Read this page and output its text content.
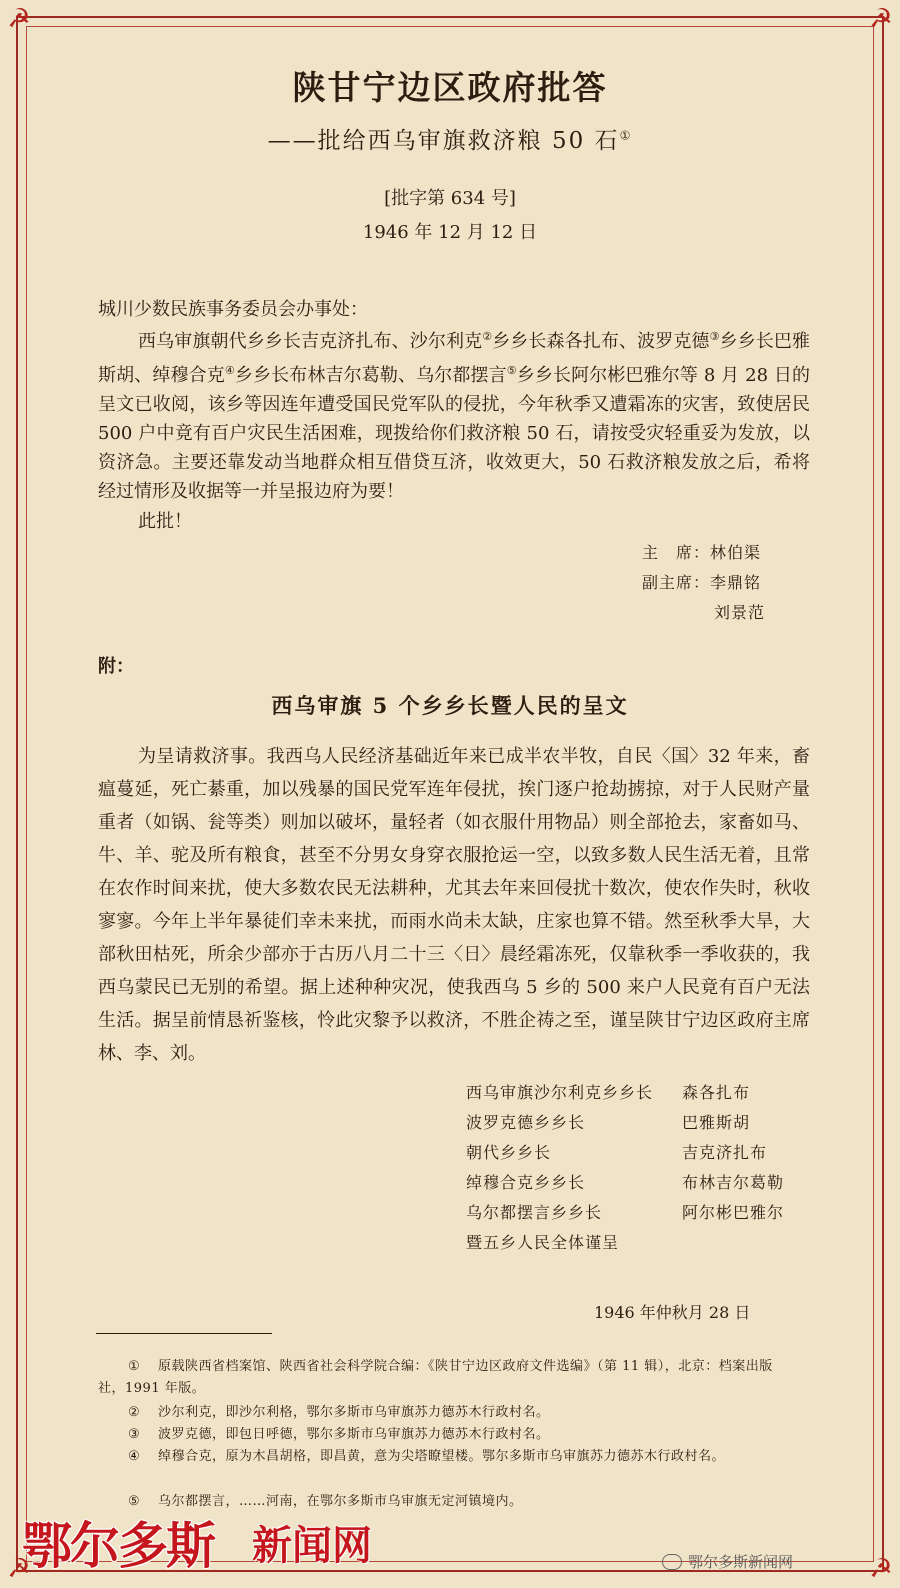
☭	☭
☭	☭
陕甘宁边区政府批答
——批给西乌审旗救济粮 50 石①
[批字第 634 号]
1946 年 12 月 12 日

城川少数民族事务委员会办事处：

西乌审旗朝代乡乡长吉克济扎布、沙尔利克②乡乡长森各扎布、波罗克德③乡乡长巴雅斯胡、绰穆合克④乡乡长布林吉尔葛勒、乌尔都摆言⑤乡乡长阿尔彬巴雅尔等 8 月 28 日的呈文已收阅，该乡等因连年遭受国民党军队的侵扰，今年秋季又遭霜冻的灾害，致使居民 500 户中竟有百户灾民生活困难，现拨给你们救济粮 50 石，请按受灾轻重妥为发放，以资济急。主要还靠发动当地群众相互借贷互济，收效更大，50 石救济粮发放之后，希将经过情形及收据等一并呈报边府为要！

此批！

主　席：林伯渠
副主席：李鼎铭
刘景范
附：
西乌审旗 5 个乡乡长暨人民的呈文

为呈请救济事。我西乌人民经济基础近年来已成半农半牧，自民〈国〉32 年来，畜瘟蔓延，死亡綦重，加以残暴的国民党军连年侵扰，挨门逐户抢劫掳掠，对于人民财产量重者（如锅、瓮等类）则加以破坏，量轻者（如衣服什用物品）则全部抢去，家畜如马、牛、羊、驼及所有粮食，甚至不分男女身穿衣服抢运一空，以致多数人民生活无着，且常在农作时间来扰，使大多数农民无法耕种，尤其去年来回侵扰十数次，使农作失时，秋收寥寥。今年上半年暴徒们幸未来扰，而雨水尚未太缺，庄家也算不错。然至秋季大旱，大部秋田枯死，所余少部亦于古历八月二十三〈日〉晨经霜冻死，仅靠秋季一季收获的，我西乌蒙民已无别的希望。据上述种种灾况，使我西乌 5 乡的 500 来户人民竟有百户无法生活。据呈前情恳祈鉴核，怜此灾黎予以救济，不胜企祷之至，谨呈陕甘宁边区政府主席林、李、刘。

西乌审旗沙尔利克乡乡长 森各扎布
波罗克德乡乡长	巴雅斯胡
朝代乡乡长	吉克济扎布
绰穆合克乡乡长	布林吉尔葛勒
乌尔都摆言乡乡长	阿尔彬巴雅尔
暨五乡人民全体谨呈
1946 年仲秋月 28 日
① 原载陕西省档案馆、陕西省社会科学院合编：《陕甘宁边区政府文件选编》（第 11 辑），北京：档案出版社，1991 年版。
② 沙尔利克，即沙尔利格，鄂尔多斯市乌审旗苏力德苏木行政村名。
③ 波罗克德，即包日呼德，鄂尔多斯市乌审旗苏力德苏木行政村名。
④ 绰穆合克，原为木昌胡格，即昌黄，意为尖塔瞭望楼。鄂尔多斯市乌审旗苏力德苏木行政村名。
⑤ 乌尔都摆言，……河南，在鄂尔多斯市乌审旗无定河镇境内。
鄂尔多斯 新闻网	鄂尔多斯新闻网
